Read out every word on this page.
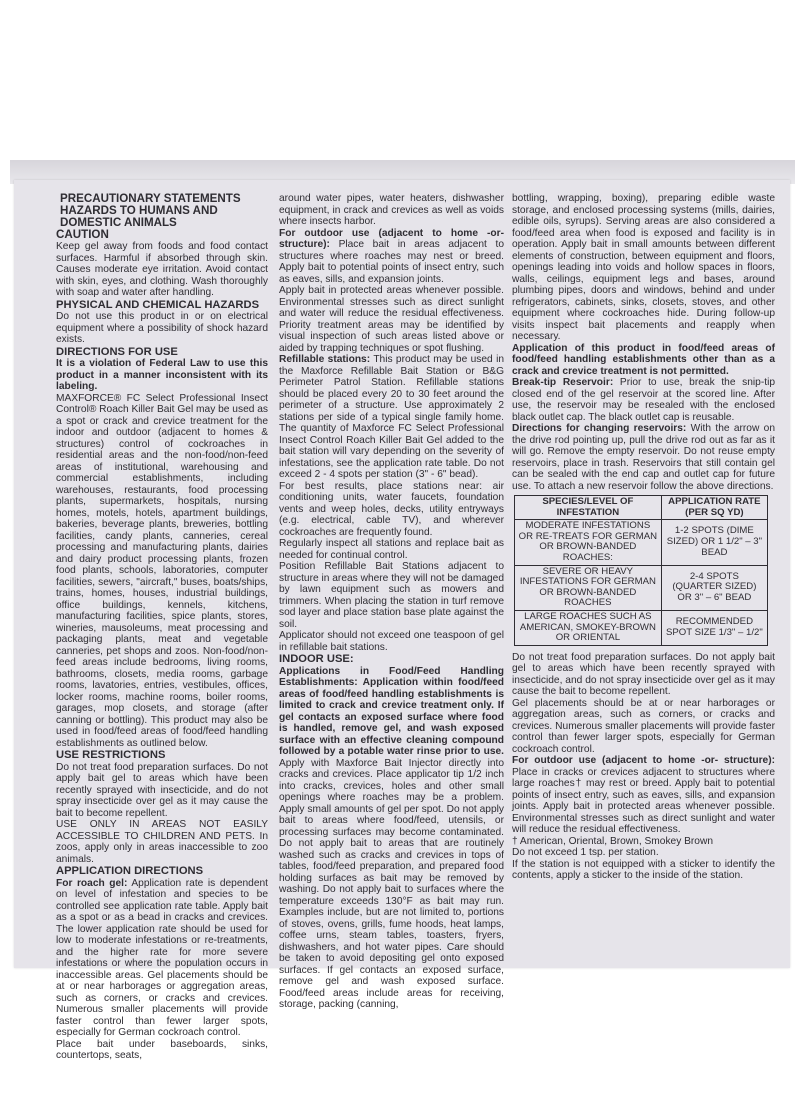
PRECAUTIONARY STATEMENTS

HAZARDS TO HUMANS AND

DOMESTIC ANIMALS

CAUTION

Keep gel away from foods and food contact surfaces. Harmful if absorbed through skin. Causes moderate eye irritation. Avoid contact with skin, eyes, and clothing. Wash thoroughly with soap and water after handling.

PHYSICAL AND CHEMICAL HAZARDS

Do not use this product in or on electrical equipment where a possibility of shock hazard exists.

DIRECTIONS FOR USE

It is a violation of Federal Law to use this product in a manner inconsistent with its labeling.

MAXFORCE® FC Select Professional Insect Control® Roach Killer Bait Gel may be used as a spot or crack and crevice treatment for the indoor and outdoor (adjacent to homes & structures) control of cockroaches in residential areas and the non-food/non-feed areas of institutional, warehousing and commercial establishments, including warehouses, restaurants, food processing plants, supermarkets, hospitals, nursing homes, motels, hotels, apartment buildings, bakeries, beverage plants, breweries, bottling facilities, candy plants, canneries, cereal processing and manufacturing plants, dairies and dairy product processing plants, frozen food plants, schools, laboratories, computer facilities, sewers, "aircraft," buses, boats/ships, trains, homes, houses, industrial buildings, office buildings, kennels, kitchens, manufacturing facilities, spice plants, stores, wineries, mausoleums, meat processing and packaging plants, meat and vegetable canneries, pet shops and zoos. Non-food/non-feed areas include bedrooms, living rooms, bathrooms, closets, media rooms, garbage rooms, lavatories, entries, vestibules, offices, locker rooms, machine rooms, boiler rooms, garages, mop closets, and storage (after canning or bottling). This product may also be used in food/feed areas of food/feed handling establishments as outlined below.

USE RESTRICTIONS

Do not treat food preparation surfaces. Do not apply bait gel to areas which have been recently sprayed with insecticide, and do not spray insecticide over gel as it may cause the bait to become repellent.

USE ONLY IN AREAS NOT EASILY ACCESSIBLE TO CHILDREN AND PETS. In zoos, apply only in areas inaccessible to zoo animals.

APPLICATION DIRECTIONS

For roach gel: Application rate is dependent on level of infestation and species to be controlled see application rate table. Apply bait as a spot or as a bead in cracks and crevices. The lower application rate should be used for low to moderate infestations or re-treatments, and the higher rate for more severe infestations or where the population occurs in inaccessible areas. Gel placements should be at or near harborages or aggregation areas, such as corners, or cracks and crevices. Numerous smaller placements will provide faster control than fewer larger spots, especially for German cockroach control.

Place bait under baseboards, sinks, countertops, seats,

around water pipes, water heaters, dishwasher equipment, in crack and crevices as well as voids where insects harbor.

For outdoor use (adjacent to home -or- structure): Place bait in areas adjacent to structures where roaches may nest or breed. Apply bait to potential points of insect entry, such as eaves, sills, and expansion joints.

Apply bait in protected areas whenever possible. Environmental stresses such as direct sunlight and water will reduce the residual effectiveness. Priority treatment areas may be identified by visual inspection of such areas listed above or aided by trapping techniques or spot flushing.

Refillable stations: This product may be used in the Maxforce Refillable Bait Station or B&G Perimeter Patrol Station. Refillable stations should be placed every 20 to 30 feet around the perimeter of a structure. Use approximately 2 stations per side of a typical single family home. The quantity of Maxforce FC Select Professional Insect Control Roach Killer Bait Gel added to the bait station will vary depending on the severity of infestations, see the application rate table. Do not exceed 2 - 4 spots per station (3" - 6" bead).

For best results, place stations near: air conditioning units, water faucets, foundation vents and weep holes, decks, utility entryways (e.g. electrical, cable TV), and wherever cockroaches are frequently found.

Regularly inspect all stations and replace bait as needed for continual control.

Position Refillable Bait Stations adjacent to structure in areas where they will not be damaged by lawn equipment such as mowers and trimmers. When placing the station in turf remove sod layer and place station base plate against the soil.

Applicator should not exceed one teaspoon of gel in refillable bait stations.

INDOOR USE:

Applications in Food/Feed Handling Establishments: Application within food/feed areas of food/feed handling establishments is limited to crack and crevice treatment only. If gel contacts an exposed surface where food is handled, remove gel, and wash exposed surface with an effective cleaning compound followed by a potable water rinse prior to use. Apply with Maxforce Bait Injector directly into cracks and crevices. Place applicator tip 1/2 inch into cracks, crevices, holes and other small openings where roaches may be a problem. Apply small amounts of gel per spot. Do not apply bait to areas where food/feed, utensils, or processing surfaces may become contaminated. Do not apply bait to areas that are routinely washed such as cracks and crevices in tops of tables, food/feed preparation, and prepared food holding surfaces as bait may be removed by washing. Do not apply bait to surfaces where the temperature exceeds 130°F as bait may run. Examples include, but are not limited to, portions of stoves, ovens, grills, fume hoods, heat lamps, coffee urns, steam tables, toasters, fryers, dishwashers, and hot water pipes. Care should be taken to avoid depositing gel onto exposed surfaces. If gel contacts an exposed surface, remove gel and wash exposed surface. Food/feed areas include areas for receiving, storage, packing (canning,

bottling, wrapping, boxing), preparing edible waste storage, and enclosed processing systems (mills, dairies, edible oils, syrups). Serving areas are also considered a food/feed area when food is exposed and facility is in operation. Apply bait in small amounts between different elements of construction, between equipment and floors, openings leading into voids and hollow spaces in floors, walls, ceilings, equipment legs and bases, around plumbing pipes, doors and windows, behind and under refrigerators, cabinets, sinks, closets, stoves, and other equipment where cockroaches hide. During follow-up visits inspect bait placements and reapply when necessary.

Application of this product in food/feed areas of food/feed handling establishments other than as a crack and crevice treatment is not permitted.

Break-tip Reservoir: Prior to use, break the snip-tip closed end of the gel reservoir at the scored line. After use, the reservoir may be resealed with the enclosed black outlet cap. The black outlet cap is reusable.

Directions for changing reservoirs: With the arrow on the drive rod pointing up, pull the drive rod out as far as it will go. Remove the empty reservoir. Do not reuse empty reservoirs, place in trash. Reservoirs that still contain gel can be sealed with the end cap and outlet cap for future use. To attach a new reservoir follow the above directions.

SPECIES/LEVEL OF INFESTATION	APPLICATION RATE (PER SQ YD)
MODERATE INFESTATIONS OR RE-TREATS FOR GERMAN OR BROWN-BANDED ROACHES:	1-2 SPOTS (DIME SIZED) OR 1 1/2" – 3" BEAD
SEVERE OR HEAVY INFESTATIONS FOR GERMAN OR BROWN-BANDED ROACHES	2-4 SPOTS (QUARTER SIZED) OR 3" – 6" BEAD
LARGE ROACHES SUCH AS AMERICAN, SMOKEY-BROWN OR ORIENTAL	RECOMMENDED SPOT SIZE 1/3" – 1/2"

Do not treat food preparation surfaces. Do not apply bait gel to areas which have been recently sprayed with insecticide, and do not spray insecticide over gel as it may cause the bait to become repellent.

Gel placements should be at or near harborages or aggregation areas, such as corners, or cracks and crevices. Numerous smaller placements will provide faster control than fewer larger spots, especially for German cockroach control.

For outdoor use (adjacent to home -or- structure): Place in cracks or crevices adjacent to structures where large roaches† may rest or breed. Apply bait to potential points of insect entry, such as eaves, sills, and expansion joints. Apply bait in protected areas whenever possible. Environmental stresses such as direct sunlight and water will reduce the residual effectiveness.

† American, Oriental, Brown, Smokey Brown

Do not exceed 1 tsp. per station.

If the station is not equipped with a sticker to identify the contents, apply a sticker to the inside of the station.
